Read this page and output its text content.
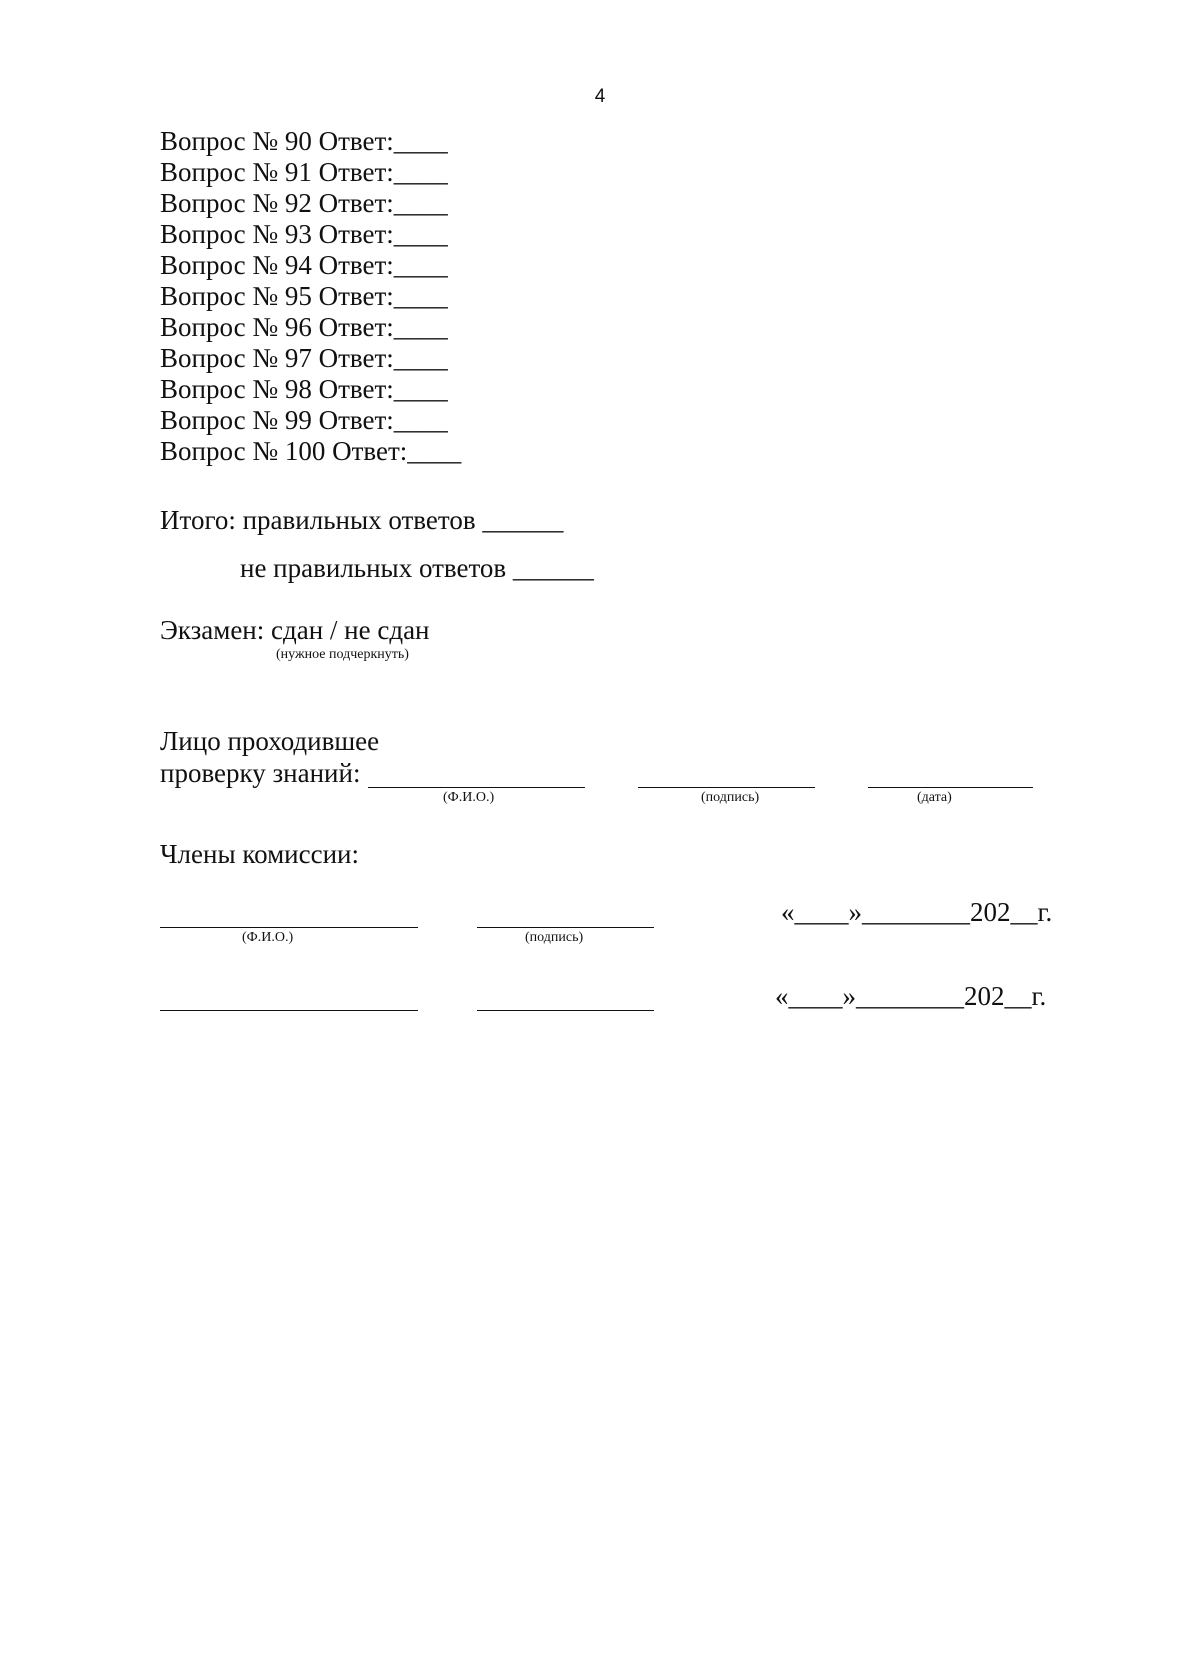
4
Вопрос № 90 Ответ:____
Вопрос № 91 Ответ:____
Вопрос № 92 Ответ:____
Вопрос № 93 Ответ:____
Вопрос № 94 Ответ:____
Вопрос № 95 Ответ:____
Вопрос № 96 Ответ:____
Вопрос № 97 Ответ:____
Вопрос № 98 Ответ:____
Вопрос № 99 Ответ:____
Вопрос № 100 Ответ:____
Итого: правильных ответов ______
не правильных ответов ______
Экзамен: сдан / не сдан
(нужное подчеркнуть)
Лицо проходившее
проверку знаний:
(Ф.И.О.)	(подпись)	(дата)
Члены комиссии:
«____»________202__г.
(Ф.И.О.)	(подпись)
«____»________202__г.
